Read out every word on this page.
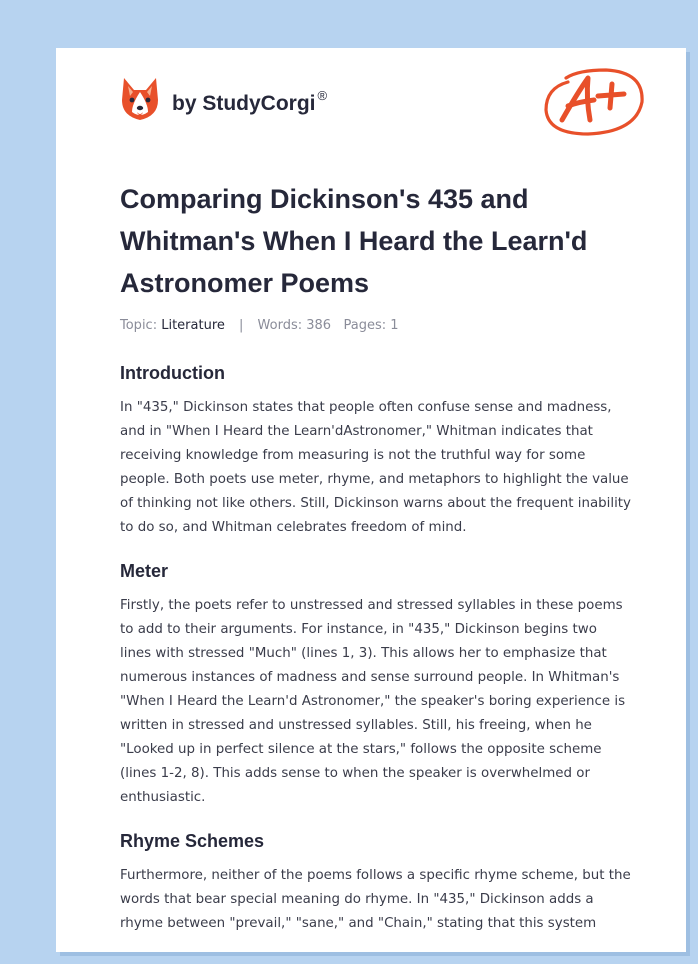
by StudyCorgi ®
Comparing Dickinson's 435 and Whitman's When I Heard the Learn'd Astronomer Poems
Topic: Literature | Words: 386 Pages: 1
Introduction

In "435," Dickinson states that people often confuse sense and madness, and in "When I Heard the Learn'dAstronomer," Whitman indicates that receiving knowledge from measuring is not the truthful way for some people. Both poets use meter, rhyme, and metaphors to highlight the value of thinking not like others. Still, Dickinson warns about the frequent inability to do so, and Whitman celebrates freedom of mind.

Meter

Firstly, the poets refer to unstressed and stressed syllables in these poems to add to their arguments. For instance, in "435," Dickinson begins two lines with stressed "Much" (lines 1, 3). This allows her to emphasize that numerous instances of madness and sense surround people. In Whitman's "When I Heard the Learn'd Astronomer," the speaker's boring experience is written in stressed and unstressed syllables. Still, his freeing, when he "Looked up in perfect silence at the stars," follows the opposite scheme (lines 1-2, 8). This adds sense to when the speaker is overwhelmed or enthusiastic.

Rhyme Schemes

Furthermore, neither of the poems follows a specific rhyme scheme, but the words that bear special meaning do rhyme. In "435," Dickinson adds a rhyme between "prevail," "sane," and "Chain," stating that this system
